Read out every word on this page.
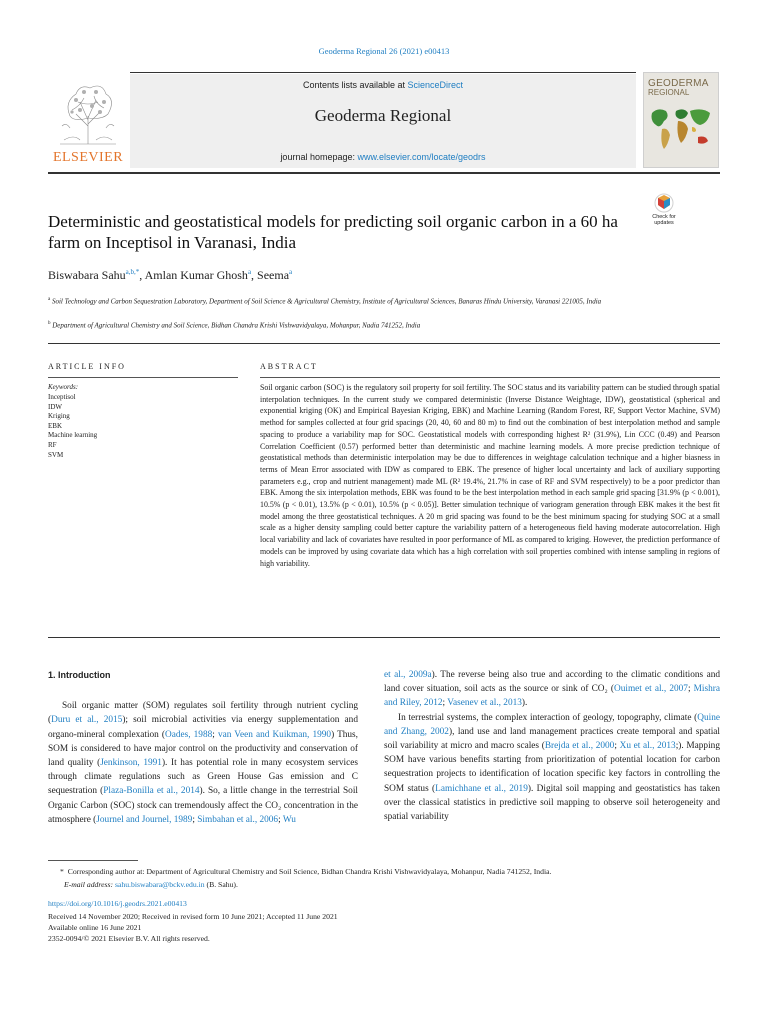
Geoderma Regional 26 (2021) e00413
ELSEVIER
Contents lists available at ScienceDirect
Geoderma Regional
journal homepage: www.elsevier.com/locate/geodrs
GEODERMA
REGIONAL
Check for
updates
Deterministic and geostatistical models for predicting soil organic carbon in a 60 ha farm on Inceptisol in Varanasi, India
Biswabara Sahu$^{a,b,*}$, Amlan Kumar Ghosh$^a$, Seema$^a$
$^a$ Soil Technology and Carbon Sequestration Laboratory, Department of Soil Science & Agricultural Chemistry, Institute of Agricultural Sciences, Banaras Hindu University, Varanasi 221005, India
$^b$ Department of Agricultural Chemistry and Soil Science, Bidhan Chandra Krishi Vishwavidyalaya, Mohanpur, Nadia 741252, India
ARTICLE INFO
Keywords:
Inceptisol
IDW
Kriging
EBK
Machine learning
RF
SVM
ABSTRACT
Soil organic carbon (SOC) is the regulatory soil property for soil fertility. The SOC status and its variability pattern can be studied through spatial interpolation techniques. In the current study we compared deterministic (Inverse Distance Weightage, IDW), geostatistical (spherical and exponential kriging (OK) and Empirical Bayesian Kriging, EBK) and Machine Learning (Random Forest, RF, Support Vector Machine, SVM) method for samples collected at four grid spacings (20, 40, 60 and 80 m) to find out the combination of best interpolation method and sample spacing to produce a variability map for SOC. Geostatistical models with corresponding highest R² (31.9%), Lin CCC (0.49) and Pearson Correlation Coefficient (0.57) performed better than deterministic and machine learning models. A more precise prediction technique of geostatistical methods than deterministic interpolation may be due to differences in weightage calculation technique and a higher biasness in terms of Mean Error associated with IDW as compared to EBK. The presence of higher local uncertainty and lack of auxiliary supporting parameters e.g., crop and nutrient management) made ML (R² 19.4%, 21.7% in case of RF and SVM respectively) to be a poor predictor than EBK. Among the six interpolation methods, EBK was found to be the best interpolation method in each sample grid spacing [31.9% (p < 0.001), 10.5% (p < 0.01), 13.5% (p < 0.01), 10.5% (p < 0.05)]. Better simulation technique of variogram generation through EBK makes it the best fit model among the three geostatistical techniques. A 20 m grid spacing was found to be the best minimum spacing for studying SOC at a small scale as a higher density sampling could better capture the variability pattern of a heterogeneous field having moderate autocorrelation. High local variability and lack of covariates have resulted in poor performance of ML as compared to kriging. However, the prediction performance of models can be improved by using covariate data which has a high correlation with soil properties combined with intense sampling in regions of high variability.
1. Introduction

Soil organic matter (SOM) regulates soil fertility through nutrient cycling (Duru et al., 2015); soil microbial activities via energy supplementation and organo-mineral complexation (Oades, 1988; van Veen and Kuikman, 1990) Thus, SOM is considered to have major control on the productivity and conservation of land quality (Jenkinson, 1991). It has potential role in many ecosystem services through climate regulations such as Green House Gas emission and C sequestration (Plaza-Bonilla et al., 2014). So, a little change in the terrestrial Soil Organic Carbon (SOC) stock can tremendously affect the CO₂ concentration in the atmosphere (Journel and Journel, 1989; Simbahan et al., 2006; Wu

et al., 2009a). The reverse being also true and according to the climatic conditions and land cover situation, soil acts as the source or sink of CO₂ (Ouimet et al., 2007; Mishra and Riley, 2012; Vasenev et al., 2013).

In terrestrial systems, the complex interaction of geology, topography, climate (Quine and Zhang, 2002), land use and land management practices create temporal and spatial soil variability at micro and macro scales (Brejda et al., 2000; Xu et al., 2013;). Mapping SOM have various benefits starting from prioritization of potential location for carbon sequestration projects to identification of location specific key factors in controlling the SOM status (Lamichhane et al., 2019). Digital soil mapping and geostatistics has taken over the classical statistics in predictive soil mapping to observe soil heterogeneity and spatial variability

* Corresponding author at: Department of Agricultural Chemistry and Soil Science, Bidhan Chandra Krishi Vishwavidyalaya, Mohanpur, Nadia 741252, India.
E-mail address: sahu.biswabara@bckv.edu.in (B. Sahu).
https://doi.org/10.1016/j.geodrs.2021.e00413
Received 14 November 2020; Received in revised form 10 June 2021; Accepted 11 June 2021
Available online 16 June 2021
2352-0094/© 2021 Elsevier B.V. All rights reserved.
